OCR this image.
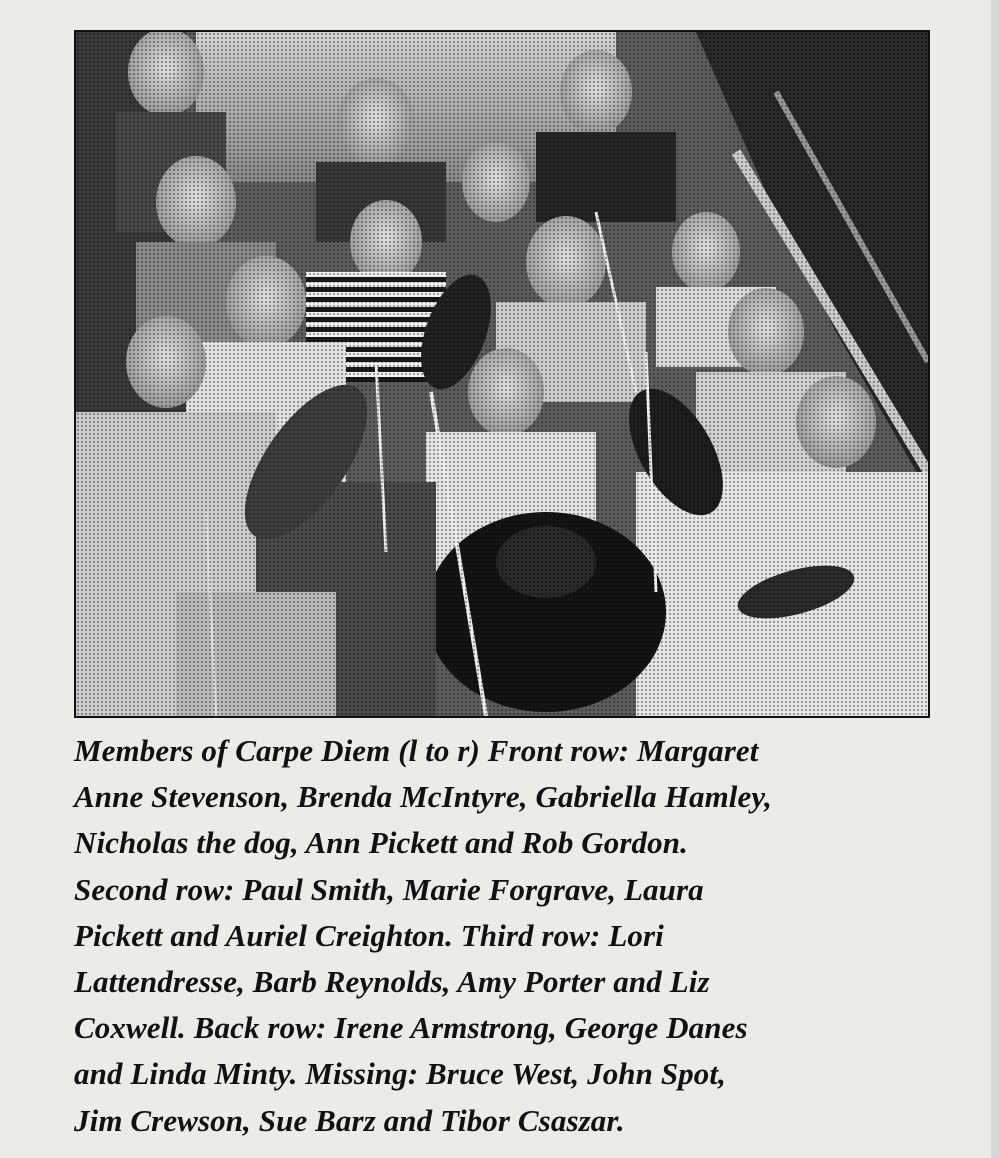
Members of Carpe Diem (l to r) Front row: Margaret
Anne Stevenson, Brenda McIntyre, Gabriella Hamley,
Nicholas the dog, Ann Pickett and Rob Gordon.
Second row: Paul Smith, Marie Forgrave, Laura
Pickett and Auriel Creighton. Third row: Lori
Lattendresse, Barb Reynolds, Amy Porter and Liz
Coxwell. Back row: Irene Armstrong, George Danes
and Linda Minty. Missing: Bruce West, John Spot,
Jim Crewson, Sue Barz and Tibor Csaszar.
